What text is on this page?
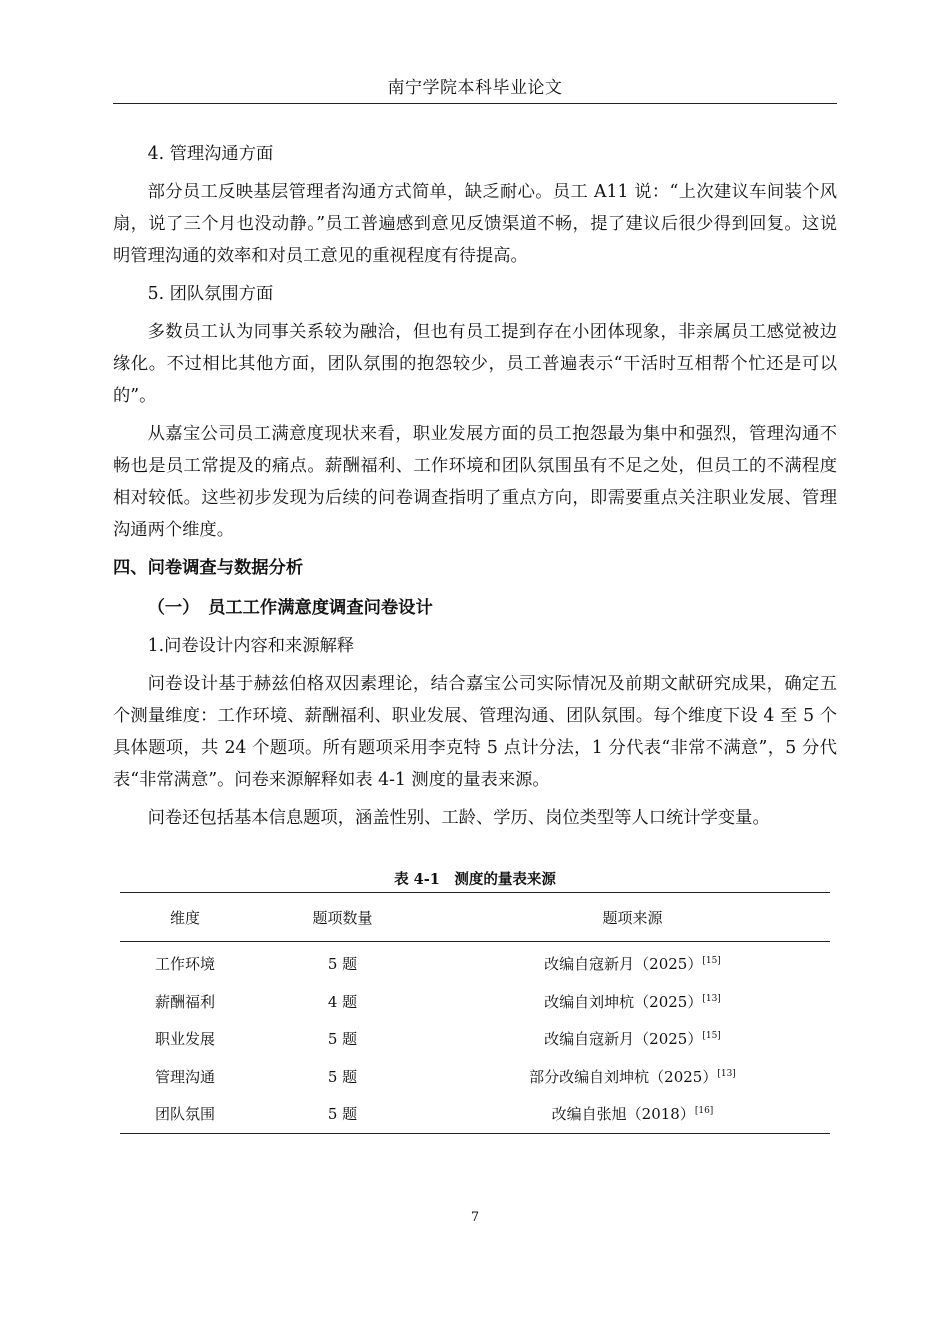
南宁学院本科毕业论文
4. 管理沟通方面
部分员工反映基层管理者沟通方式简单，缺乏耐心。员工 A11 说：“上次建议车间装个风扇，说了三个月也没动静。”员工普遍感到意见反馈渠道不畅，提了建议后很少得到回复。这说明管理沟通的效率和对员工意见的重视程度有待提高。
5. 团队氛围方面
多数员工认为同事关系较为融洽，但也有员工提到存在小团体现象，非亲属员工感觉被边缘化。不过相比其他方面，团队氛围的抱怨较少，员工普遍表示“干活时互相帮个忙还是可以的”。
从嘉宝公司员工满意度现状来看，职业发展方面的员工抱怨最为集中和强烈，管理沟通不畅也是员工常提及的痛点。薪酬福利、工作环境和团队氛围虽有不足之处，但员工的不满程度相对较低。这些初步发现为后续的问卷调查指明了重点方向，即需要重点关注职业发展、管理沟通两个维度。
四、问卷调查与数据分析
（一）　员工工作满意度调查问卷设计
1.问卷设计内容和来源解释
问卷设计基于赫兹伯格双因素理论，结合嘉宝公司实际情况及前期文献研究成果，确定五个测量维度：工作环境、薪酬福利、职业发展、管理沟通、团队氛围。每个维度下设 4 至 5 个具体题项，共 24 个题项。所有题项采用李克特 5 点计分法，1 分代表“非常不满意”，5 分代表“非常满意”。问卷来源解释如表 4-1 测度的量表来源。
问卷还包括基本信息题项，涵盖性别、工龄、学历、岗位类型等人口统计学变量。
表 4-1　测度的量表来源
维度	题项数量	题项来源
工作环境	5 题	改编自寇新月（2025）[15]
薪酬福利	4 题	改编自刘坤杭（2025）[13]
职业发展	5 题	改编自寇新月（2025）[15]
管理沟通	5 题	部分改编自刘坤杭（2025）[13]
团队氛围	5 题	改编自张旭（2018）[16]
7
